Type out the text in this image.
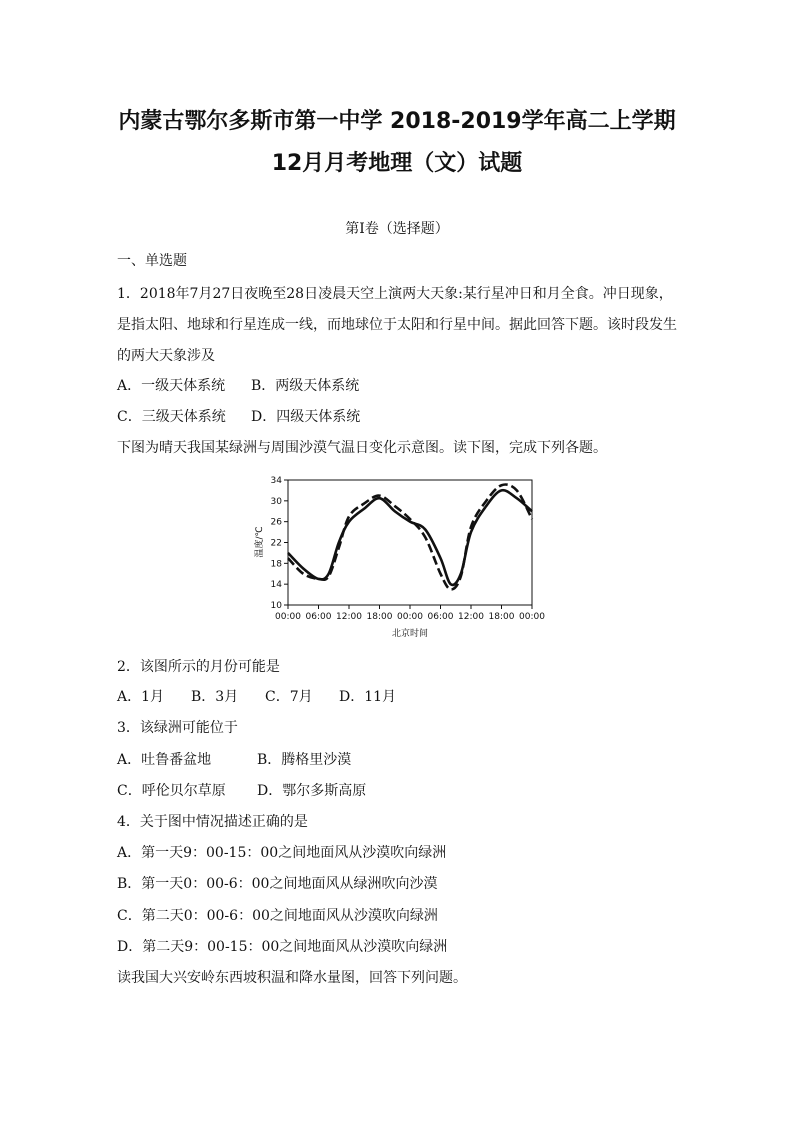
内蒙古鄂尔多斯市第一中学 2018-2019学年高二上学期
12月月考地理（文）试题
第I卷（选择题）
一、单选题
1．2018年7月27日夜晚至28日凌晨天空上演两大天象:某行星冲日和月全食。冲日现象，
是指太阳、地球和行星连成一线，而地球位于太阳和行星中间。据此回答下题。该时段发生
的两大天象涉及
A．一级天体系统 B．两级天体系统
C．三级天体系统 D．四级天体系统
下图为晴天我国某绿洲与周围沙漠气温日变化示意图。读下图，完成下列各题。
10
14
18
22
26
30
34
00:00 06:00 12:00 18:00 00:00 06:00 12:00 18:00 00:00
温度/℃
北京时间
2．该图所示的月份可能是
A．1月 B．3月 C．7月 D．11月
3．该绿洲可能位于
A．吐鲁番盆地	B．腾格里沙漠
C．呼伦贝尔草原 D．鄂尔多斯高原
4．关于图中情况描述正确的是
A．第一天9：00-15：00之间地面风从沙漠吹向绿洲
B．第一天0：00-6：00之间地面风从绿洲吹向沙漠
C．第二天0：00-6：00之间地面风从沙漠吹向绿洲
D．第二天9：00-15：00之间地面风从沙漠吹向绿洲
读我国大兴安岭东西坡积温和降水量图，回答下列问题。
